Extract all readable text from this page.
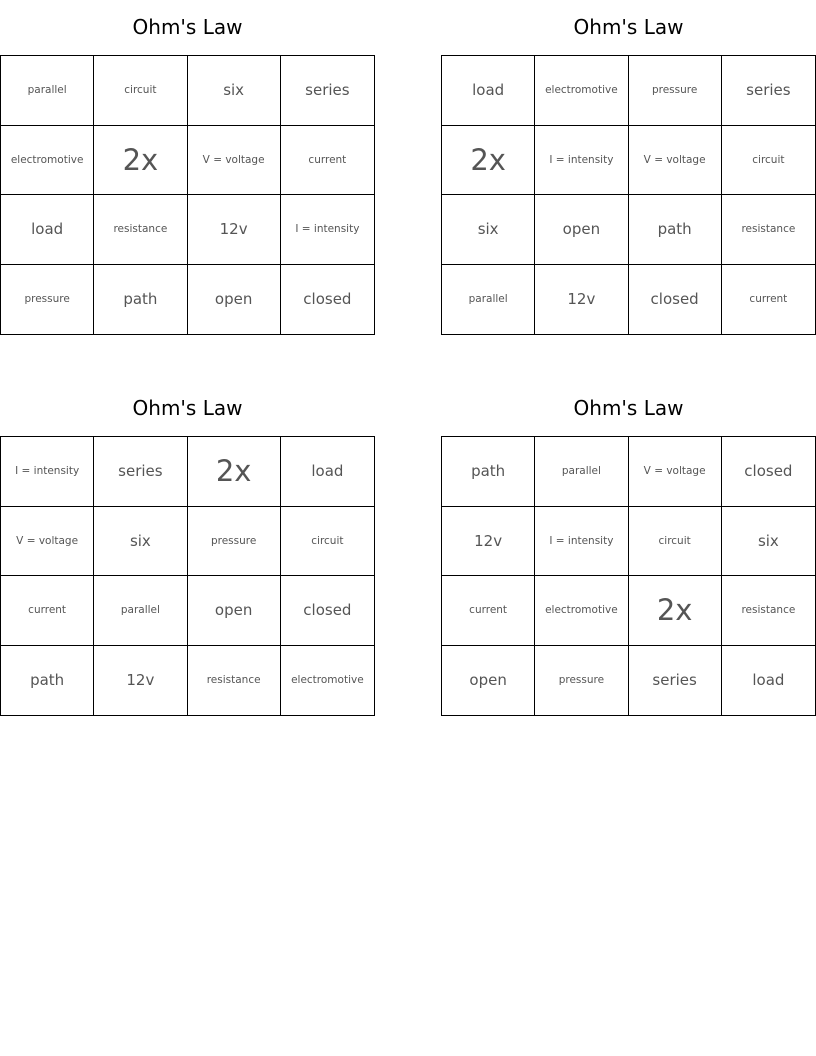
Ohm's Law
parallel	circuit	six	series
electromotive	2x	V = voltage	current
load	resistance	12v	I = intensity
pressure	path	open	closed
Ohm's Law
load	electromotive	pressure	series
2x	I = intensity	V = voltage	circuit
six	open	path	resistance
parallel	12v	closed	current
Ohm's Law
I = intensity	series	2x	load
V = voltage	six	pressure	circuit
current	parallel	open	closed
path	12v	resistance	electromotive
Ohm's Law
path	parallel	V = voltage	closed
12v	I = intensity	circuit	six
current	electromotive	2x	resistance
open	pressure	series	load
